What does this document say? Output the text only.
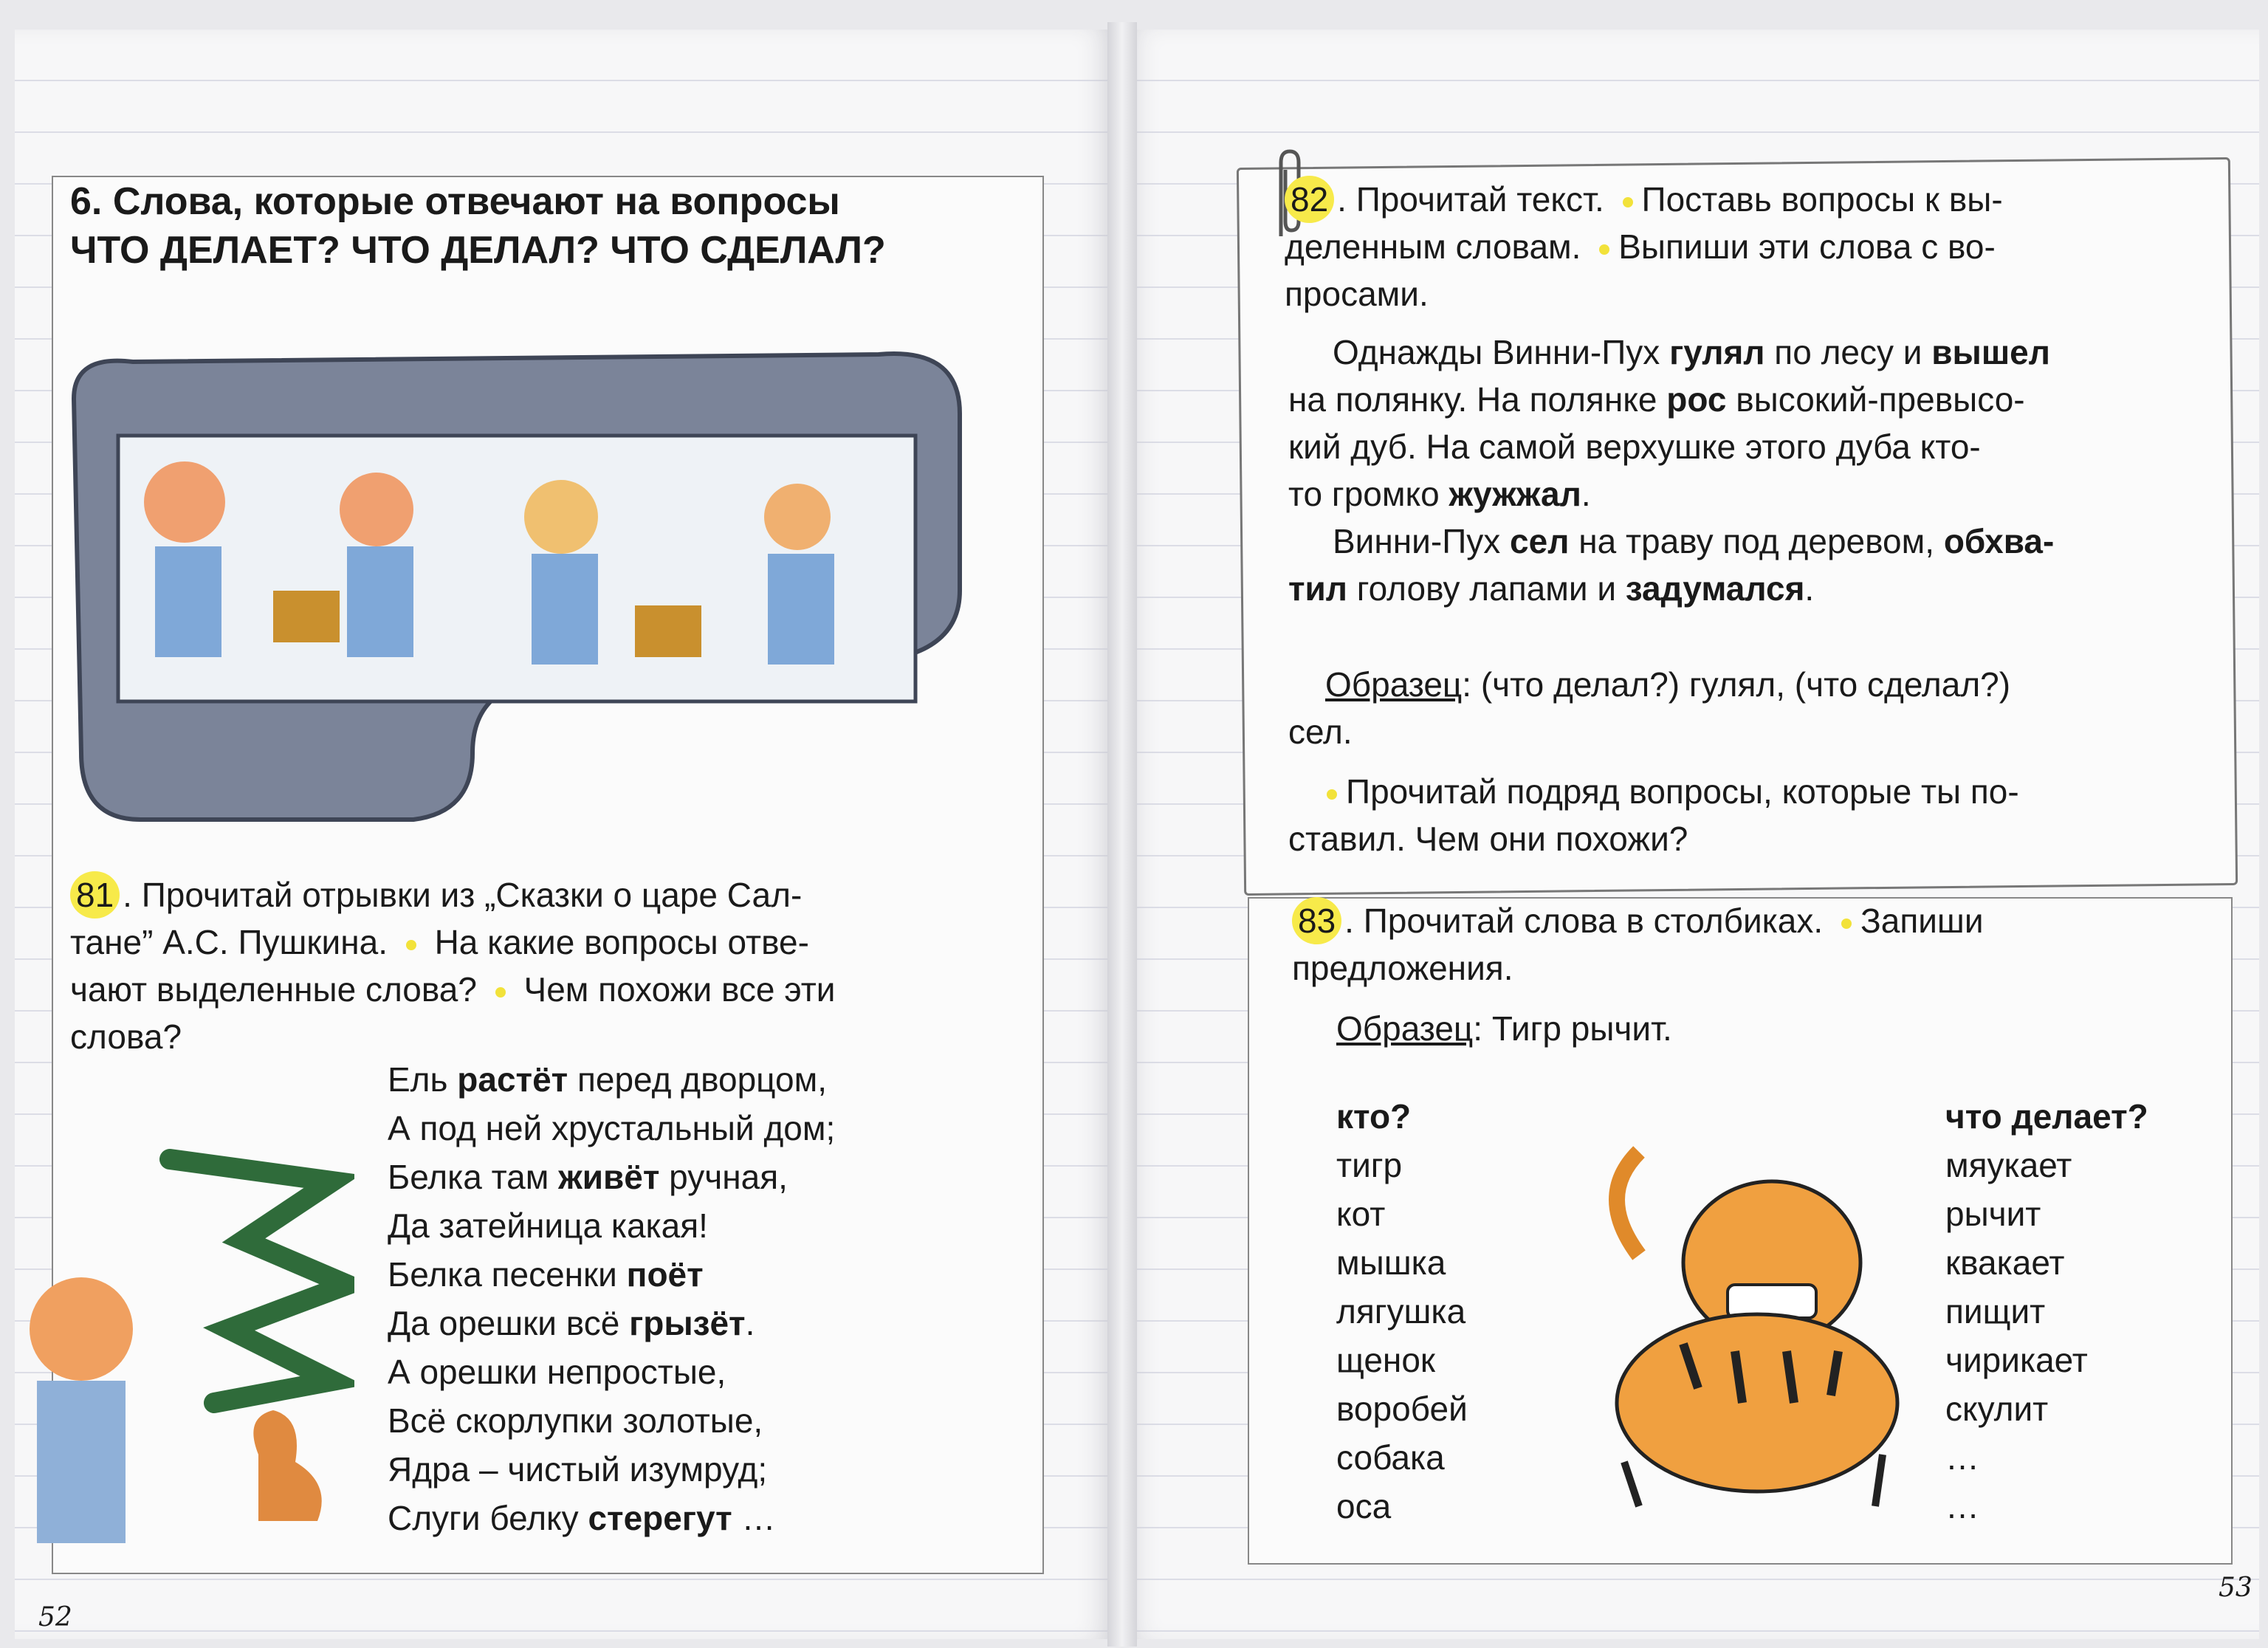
6. Слова, которые отвечают на вопросы
ЧТО ДЕЛАЕТ? ЧТО ДЕЛАЛ? ЧТО СДЕЛАЛ?
81 . Прочитай отрывки из „Сказки о царе Сал-
тане” А.С. Пушкина. На какие вопросы отве-
чают выделенные слова? Чем похожи все эти
слова?
Ель растёт перед дворцом,
А под ней хрустальный дом;
Белка там живёт ручная,
Да затейница какая!
Белка песенки поёт
Да орешки всё грызёт.
А орешки непростые,
Всё скорлупки золотые,
Ядра – чистый изумруд;
Слуги белку стерегут …
52
82 . Прочитай текст. Поставь вопросы к вы-
деленным словам. Выпиши эти слова с во-
просами.
Однажды Винни-Пух гулял по лесу и вышел
на полянку. На полянке рос высокий-превысо-
кий дуб. На самой верхушке этого дуба кто-
то громко жужжал.
Винни-Пух сел на траву под деревом, обхва-
тил голову лапами и задумался.
Образец: (что делал?) гулял, (что сделал?)
сел.
Прочитай подряд вопросы, которые ты по-
ставил. Чем они похожи?
83 . Прочитай слова в столбиках. Запиши
предложения.
Образец: Тигр рычит.
кто?
тигр
кот
мышка
лягушка
щенок
воробей
собака
оса
что делает?
мяукает
рычит
квакает
пищит
чирикает
скулит
…
…
53
